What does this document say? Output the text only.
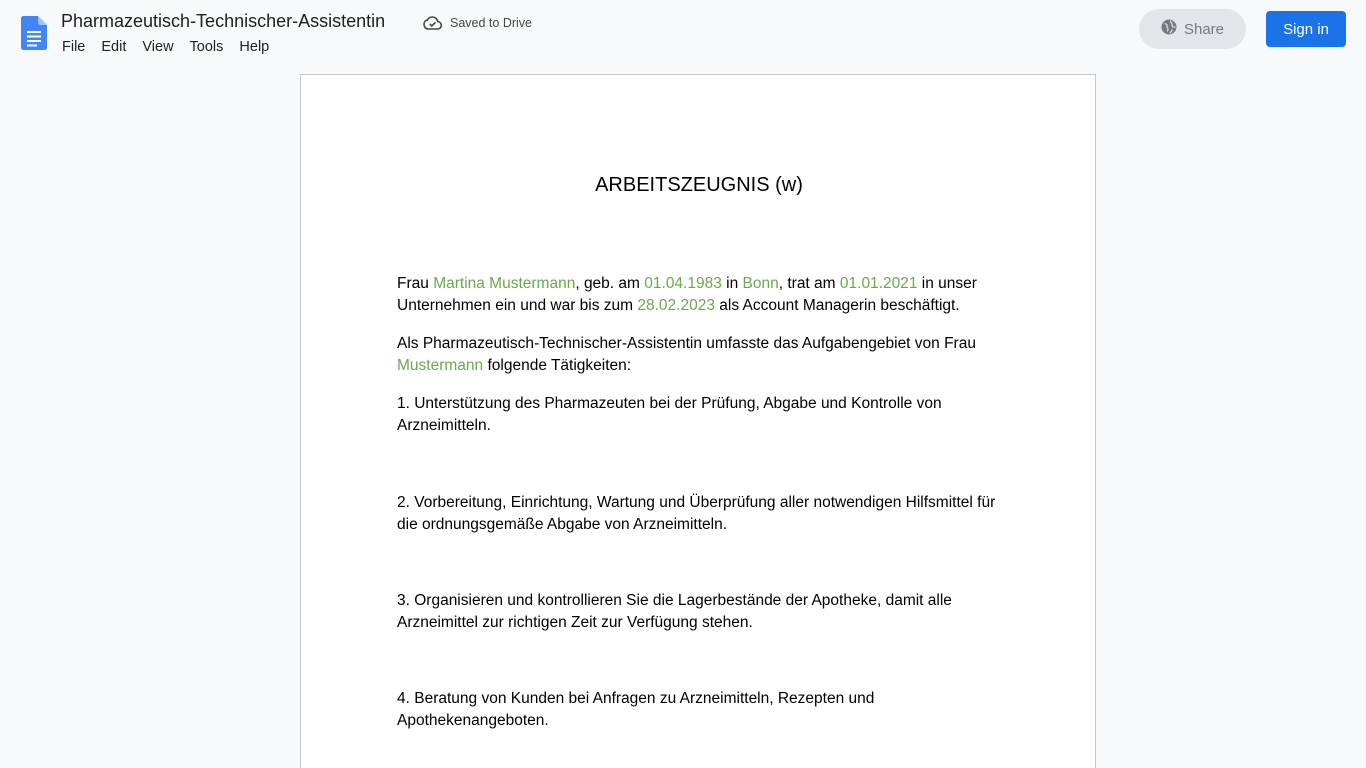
Pharmazeutisch-Technischer-Assistentin	Saved to Drive
File	Edit	View	Tools	Help
Share	Sign in
ARBEITSZEUGNIS (w)

Frau Martina Mustermann, geb. am 01.04.1983 in Bonn, trat am 01.01.2021 in unser Unternehmen ein und war bis zum 28.02.2023 als Account Managerin beschäftigt.

Als Pharmazeutisch-Technischer-Assistentin umfasste das Aufgabengebiet von Frau Mustermann folgende Tätigkeiten:

1. Unterstützung des Pharmazeuten bei der Prüfung, Abgabe und Kontrolle von Arzneimitteln.

2. Vorbereitung, Einrichtung, Wartung und Überprüfung aller notwendigen Hilfsmittel für die ordnungsgemäße Abgabe von Arzneimitteln.

3. Organisieren und kontrollieren Sie die Lagerbestände der Apotheke, damit alle Arzneimittel zur richtigen Zeit zur Verfügung stehen.

4. Beratung von Kunden bei Anfragen zu Arzneimitteln, Rezepten und Apothekenangeboten.
